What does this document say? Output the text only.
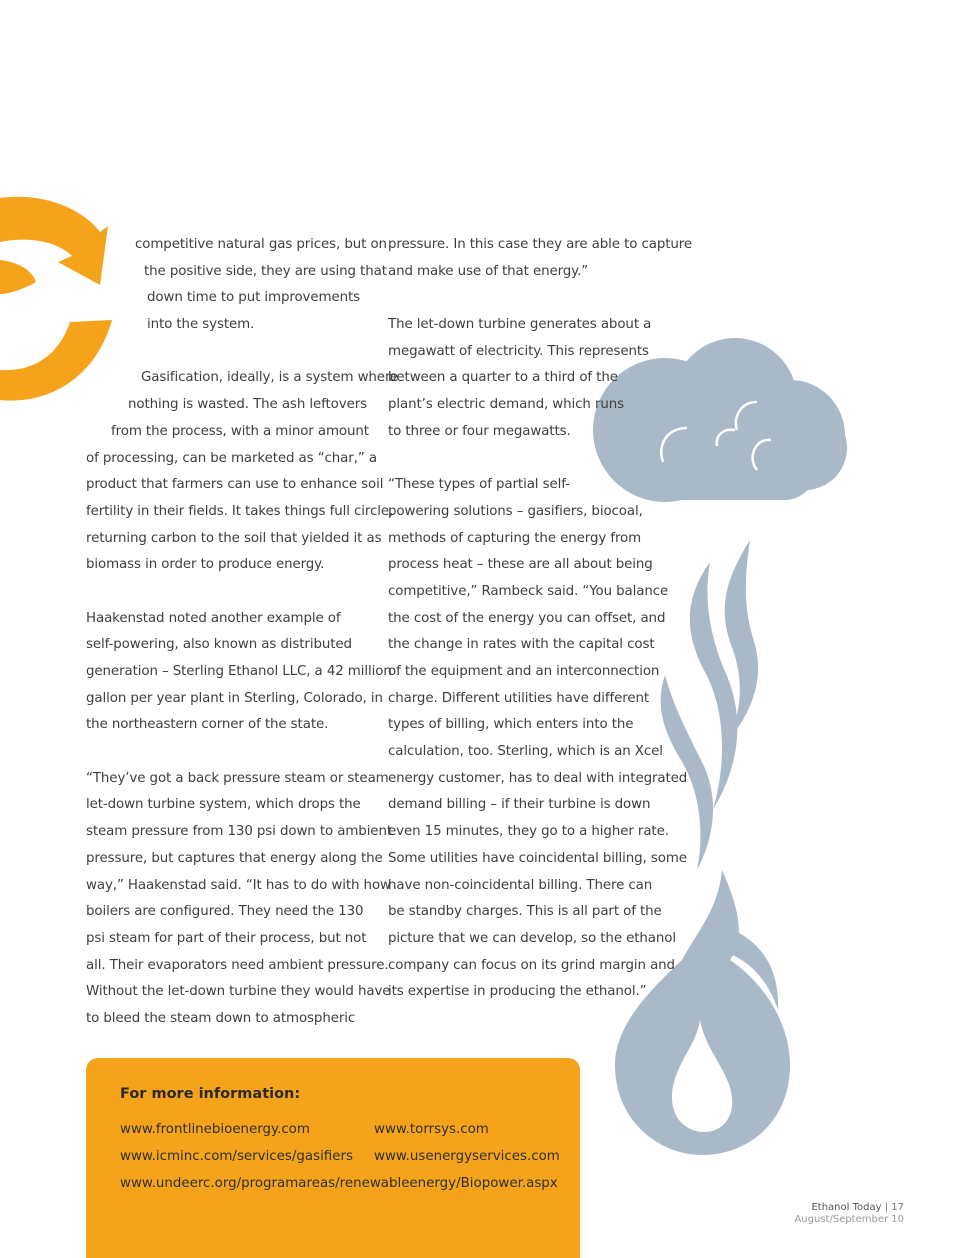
competitive natural gas prices, but on
the positive side, they are using that
down time to put improvements
into the system.
Gasification, ideally, is a system where
nothing is wasted. The ash leftovers
from the process, with a minor amount
of processing, can be marketed as “char,” a
product that farmers can use to enhance soil
fertility in their fields. It takes things full circle,
returning carbon to the soil that yielded it as
biomass in order to produce energy.
Haakenstad noted another example of
self-powering, also known as distributed
generation – Sterling Ethanol LLC, a 42 million
gallon per year plant in Sterling, Colorado, in
the northeastern corner of the state.
“They’ve got a back pressure steam or steam
let-down turbine system, which drops the
steam pressure from 130 psi down to ambient
pressure, but captures that energy along the
way,” Haakenstad said. “It has to do with how
boilers are configured. They need the 130
psi steam for part of their process, but not
all. Their evaporators need ambient pressure.
Without the let-down turbine they would have
to bleed the steam down to atmospheric
pressure. In this case they are able to capture
and make use of that energy.”
The let-down turbine generates about a
megawatt of electricity. This represents
between a quarter to a third of the
plant’s electric demand, which runs
to three or four megawatts.
“These types of partial self-
powering solutions – gasifiers, biocoal,
methods of capturing the energy from
process heat – these are all about being
competitive,” Rambeck said. “You balance
the cost of the energy you can offset, and
the change in rates with the capital cost
of the equipment and an interconnection
charge. Different utilities have different
types of billing, which enters into the
calculation, too. Sterling, which is an Xcel
energy customer, has to deal with integrated
demand billing – if their turbine is down
even 15 minutes, they go to a higher rate.
Some utilities have coincidental billing, some
have non-coincidental billing. There can
be standby charges. This is all part of the
picture that we can develop, so the ethanol
company can focus on its grind margin and
its expertise in producing the ethanol.”
For more information:
www.frontlinebioenergy.com	www.torrsys.com
www.icminc.com/services/gasifiers www.usenergyservices.com
www.undeerc.org/programareas/renewableenergy/Biopower.aspx
Ethanol Today | 17
August/September 10
